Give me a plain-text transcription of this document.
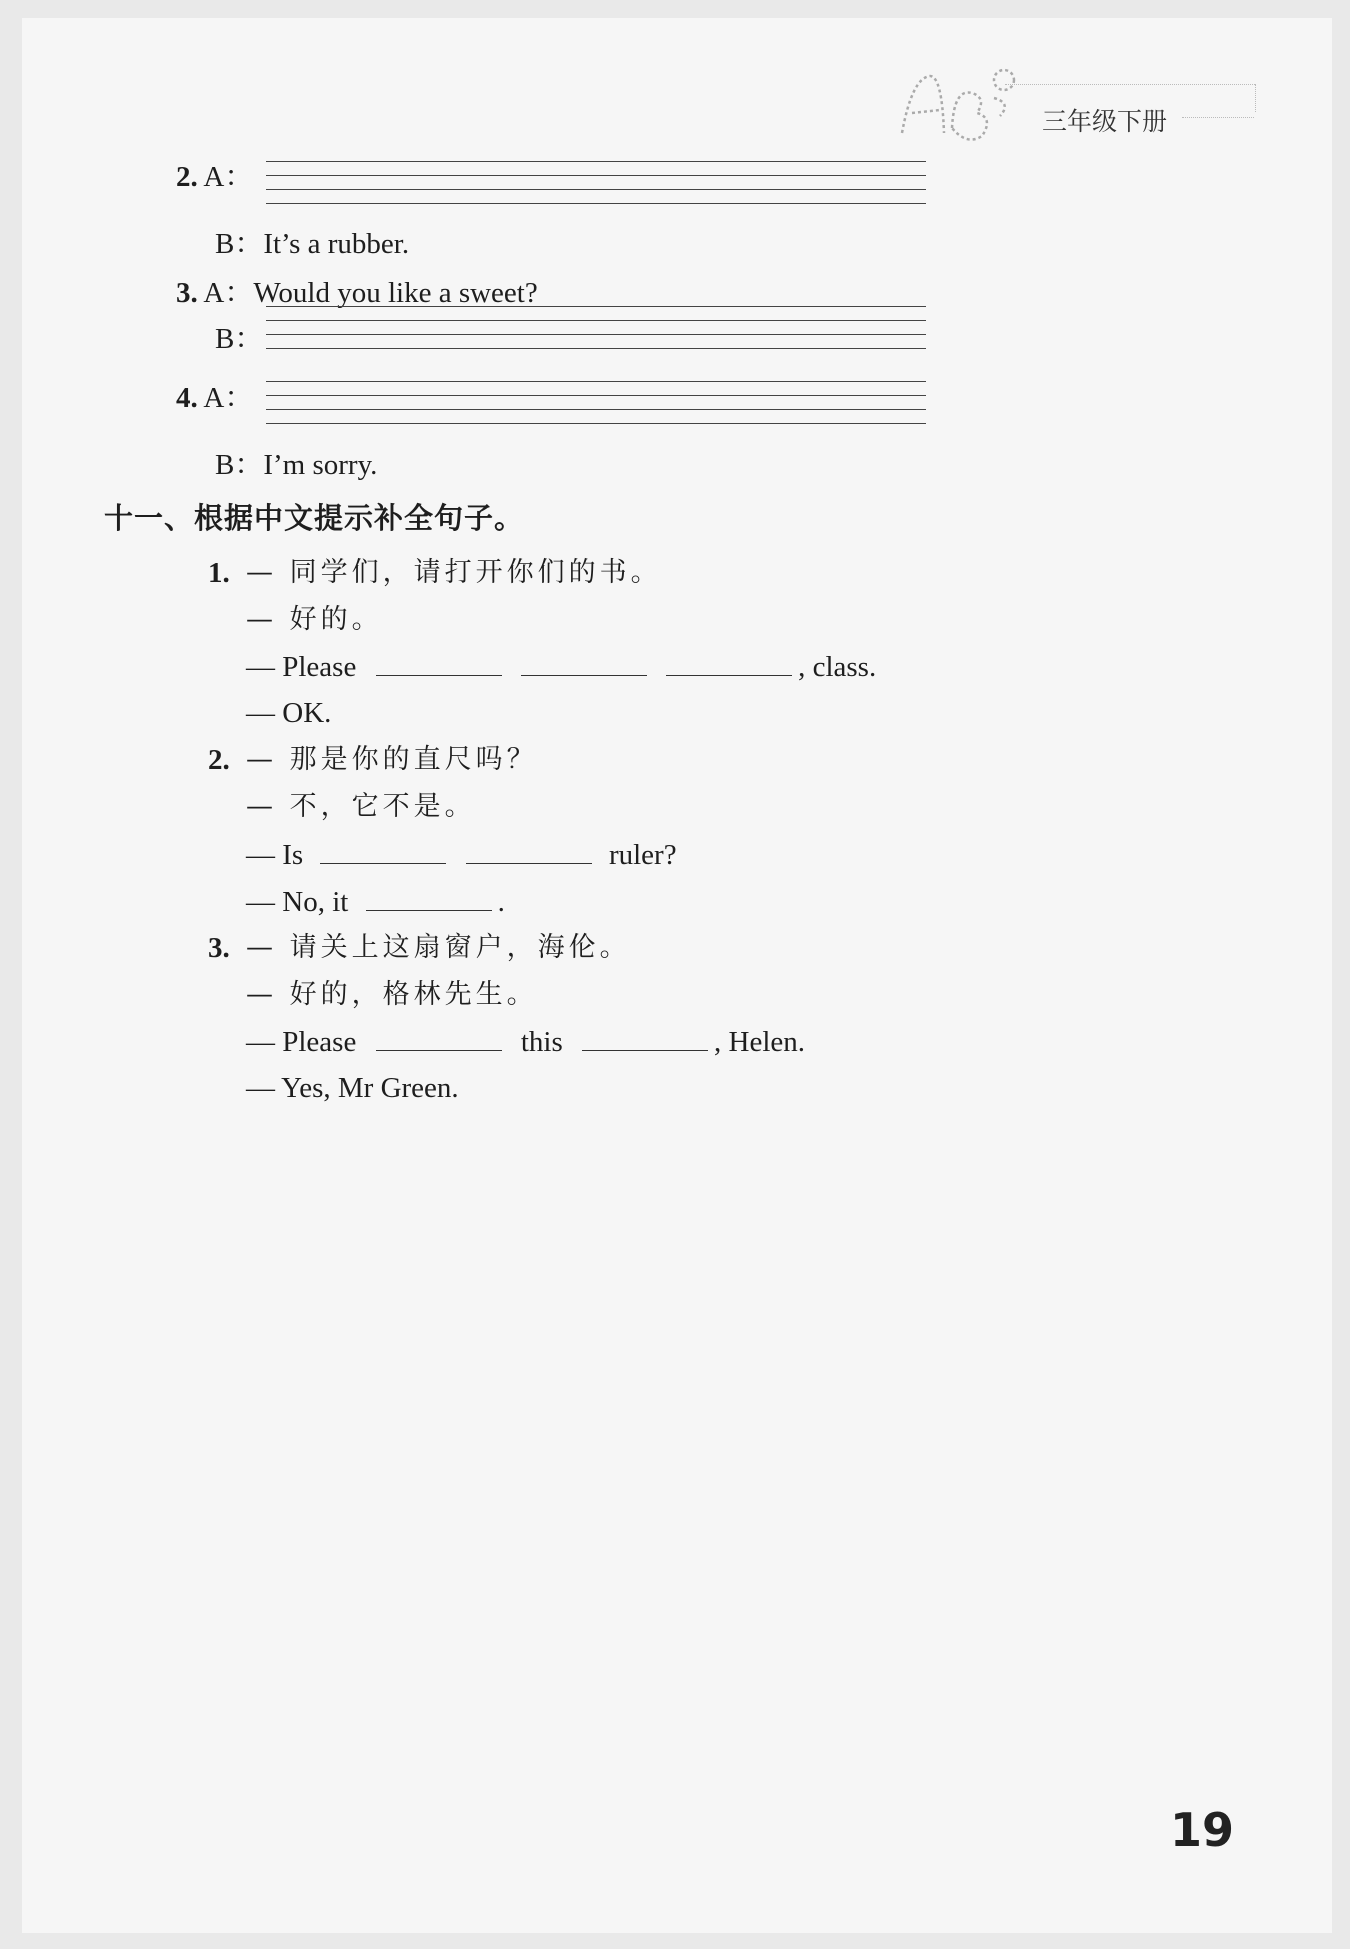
三年级下册
2. A：
B：It’s a rubber.
3. A：Would you like a sweet?
B：
4. A：
B：I’m sorry.
十一、根据中文提示补全句子。
1. — 同学们，请打开你们的书。
— 好的。
— Please	, class.
— OK.
2. — 那是你的直尺吗？
— 不，它不是。
— Is	ruler?
— No, it	.
3. — 请关上这扇窗户，海伦。
— 好的，格林先生。
— Please	this	, Helen.
— Yes, Mr Green.
19
